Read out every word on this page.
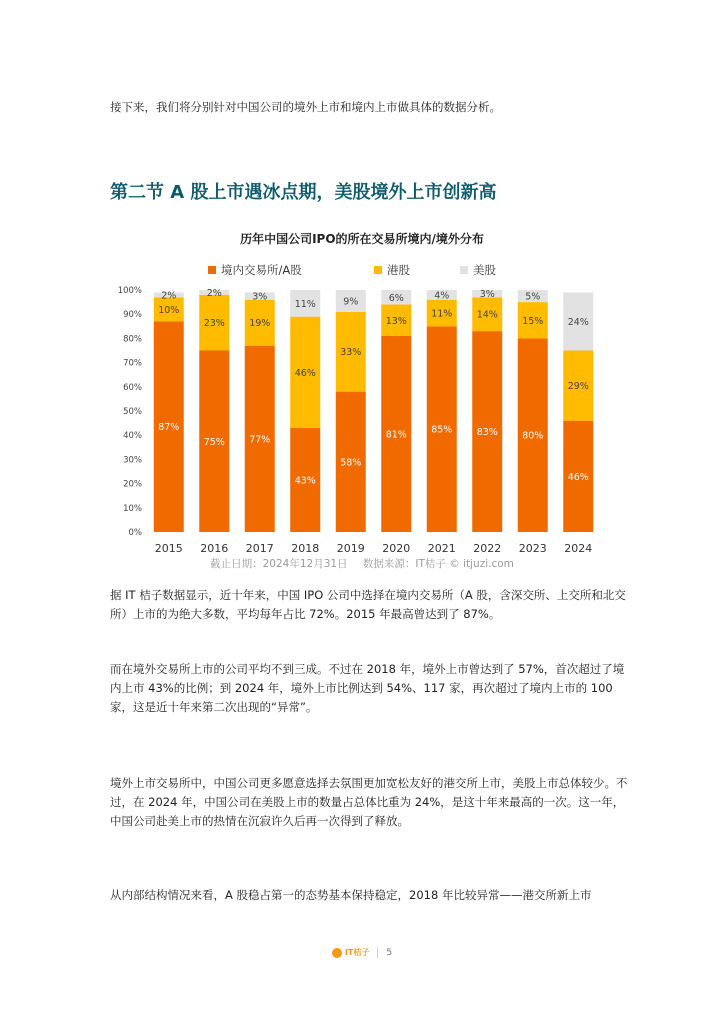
接下来，我们将分别针对中国公司的境外上市和境内上市做具体的数据分析。

第二节 A 股上市遇冰点期，美股境外上市创新高
历年中国公司IPO的所在交易所境内/境外分布
境内交易所/A股	港股	美股
0%
10%
20%
30%
40%
50%
60%
70%
80%
90%
100%
87%
10%
2%
2015
75%
23%
2%
2016
77%
19%
3%
2017
43%
46%
11%
2018
58%
33%
9%
2019
81%
13%
6%
2020
85%
11%
4%
2021
83%
14%
3%
2022
80%
15%
5%
2023
46%
29%
24%
2024
截止日期：2024年12月31日 数据来源：IT桔子 © itjuzi.com

据 IT 桔子数据显示，近十年来，中国 IPO 公司中选择在境内交易所（A 股，含深交所、上交所和北交所）上市的为绝大多数，平均每年占比 72%。2015 年最高曾达到了 87%。

而在境外交易所上市的公司平均不到三成。不过在 2018 年，境外上市曾达到了 57%，首次超过了境内上市 43%的比例；到 2024 年，境外上市比例达到 54%、117 家，再次超过了境内上市的 100 家，这是近十年来第二次出现的“异常”。

境外上市交易所中，中国公司更多愿意选择去氛围更加宽松友好的港交所上市，美股上市总体较少。不过，在 2024 年，中国公司在美股上市的数量占总体比重为 24%，是这十年来最高的一次。这一年，中国公司赴美上市的热情在沉寂许久后再一次得到了释放。

从内部结构情况来看，A 股稳占第一的态势基本保持稳定，2018 年比较异常——港交所新上市

IT桔子 5
